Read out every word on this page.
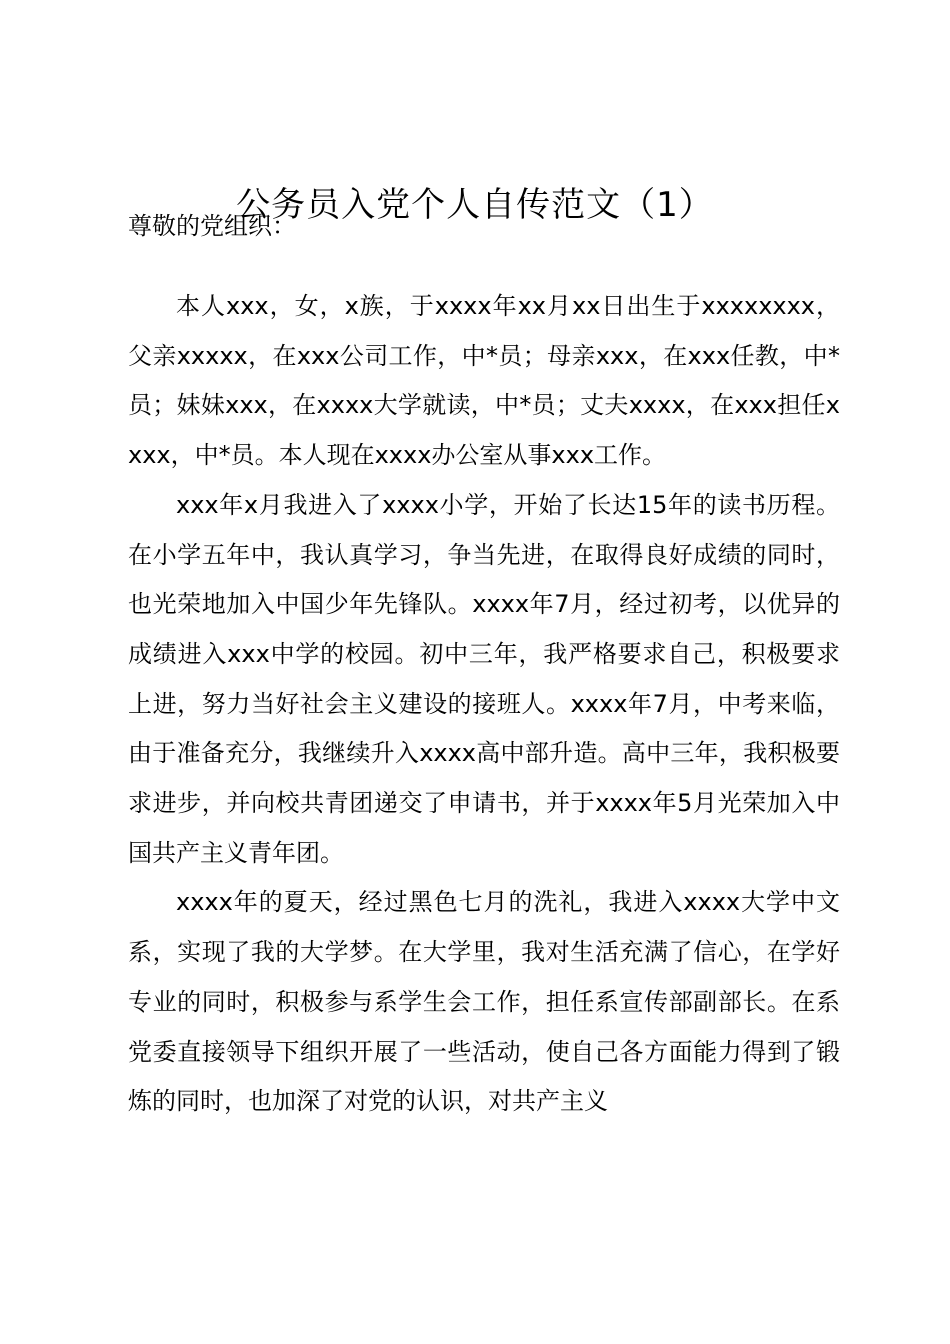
公务员入党个人自传范文（1）

尊敬的党组织：

本人xxx，女，x族，于xxxx年xx月xx日出生于xxxxxxxx，父亲xxxxx，在xxx公司工作，中*员；母亲xxx，在xxx任教，中*员；妹妹xxx，在xxxx大学就读，中*员；丈夫xxxx，在xxx担任xxxx，中*员。本人现在xxxx办公室从事xxx工作。

xxx年x月我进入了xxxx小学，开始了长达15年的读书历程。在小学五年中，我认真学习，争当先进，在取得良好成绩的同时，也光荣地加入中国少年先锋队。xxxx年7月，经过初考，以优异的成绩进入xxx中学的校园。初中三年，我严格要求自己，积极要求上进，努力当好社会主义建设的接班人。xxxx年7月，中考来临，由于准备充分，我继续升入xxxx高中部升造。高中三年，我积极要求进步，并向校共青团递交了申请书，并于xxxx年5月光荣加入中国共产主义青年团。

xxxx年的夏天，经过黑色七月的洗礼，我进入xxxx大学中文系，实现了我的大学梦。在大学里，我对生活充满了信心，在学好专业的同时，积极参与系学生会工作，担任系宣传部副部长。在系党委直接领导下组织开展了一些活动，使自己各方面能力得到了锻炼的同时，也加深了对党的认识，对共产主义
